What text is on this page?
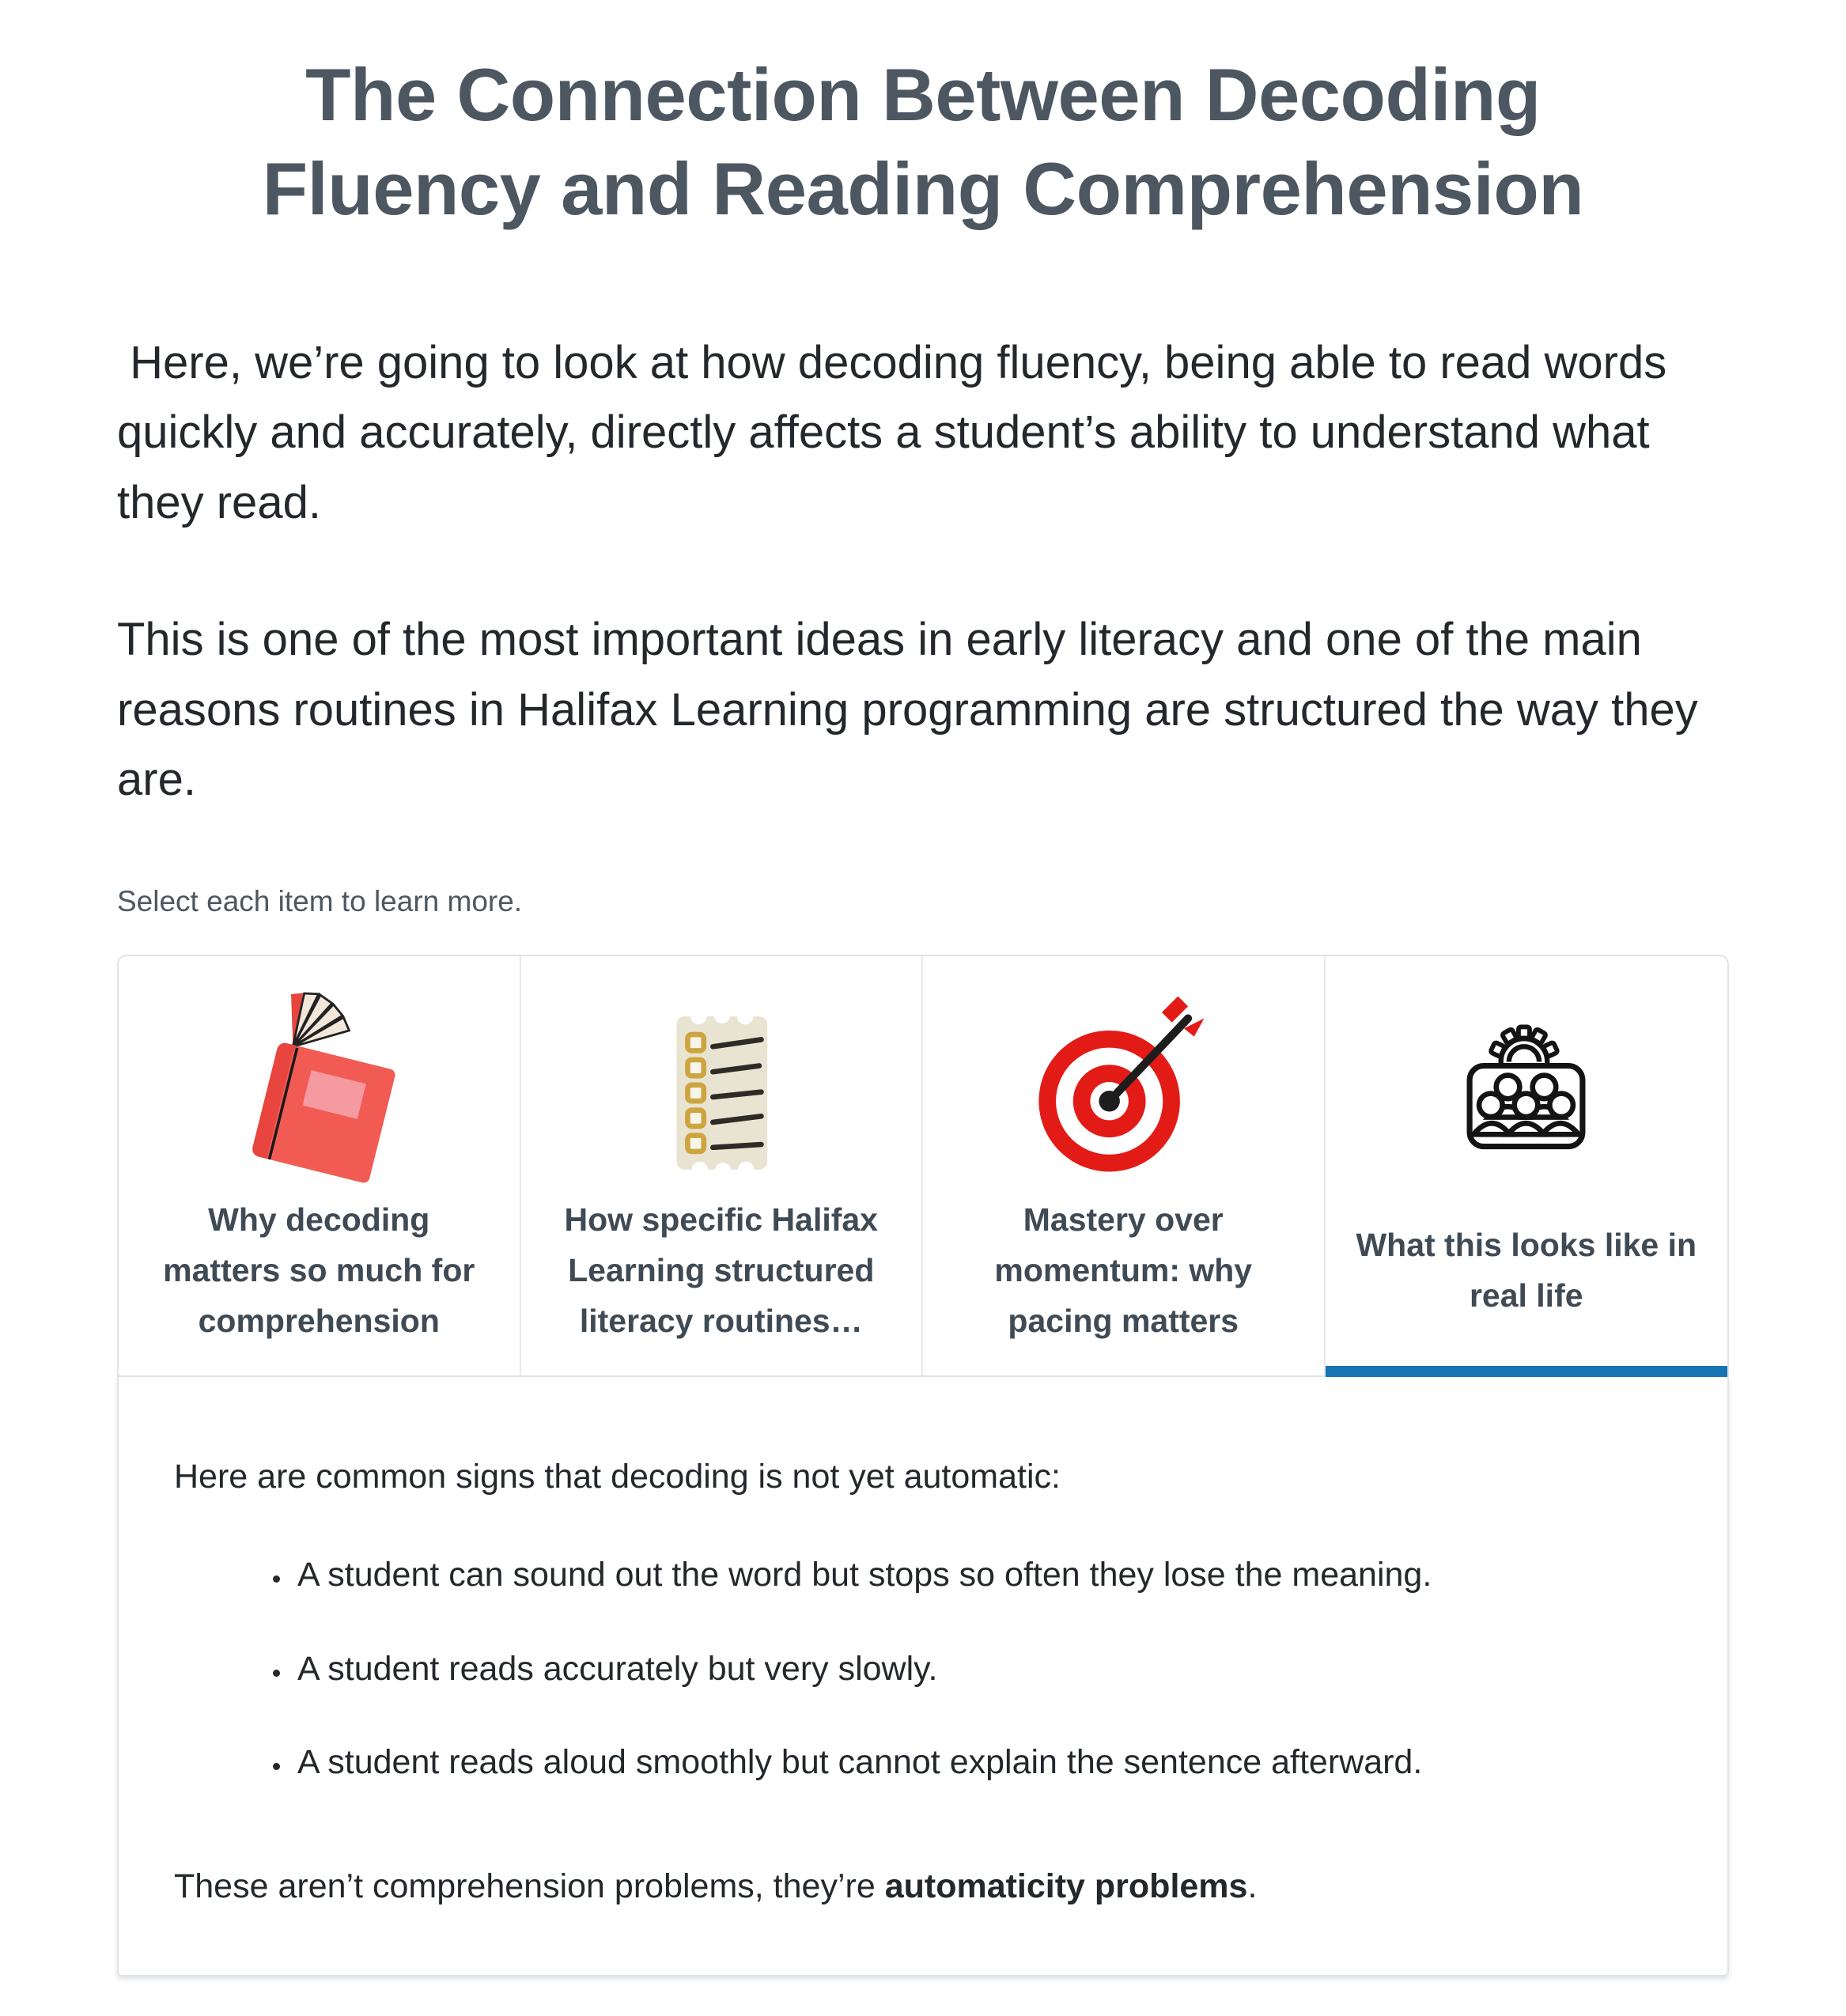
The Connection Between Decoding Fluency and Reading Comprehension

Here, we’re going to look at how decoding fluency, being able to read words quickly and accurately, directly affects a student’s ability to understand what they read.

This is one of the most important ideas in early literacy and one of the main reasons routines in Halifax Learning programming are structured the way they are.

Select each item to learn more.

Why decoding matters so much for comprehension
How specific Halifax Learning structured literacy routines…
Mastery over momentum: why pacing matters
What this looks like in real life

Here are common signs that decoding is not yet automatic:

• A student can sound out the word but stops so often they lose the meaning.
• A student reads accurately but very slowly.
• A student reads aloud smoothly but cannot explain the sentence afterward.

These aren’t comprehension problems, they’re automaticity problems.
